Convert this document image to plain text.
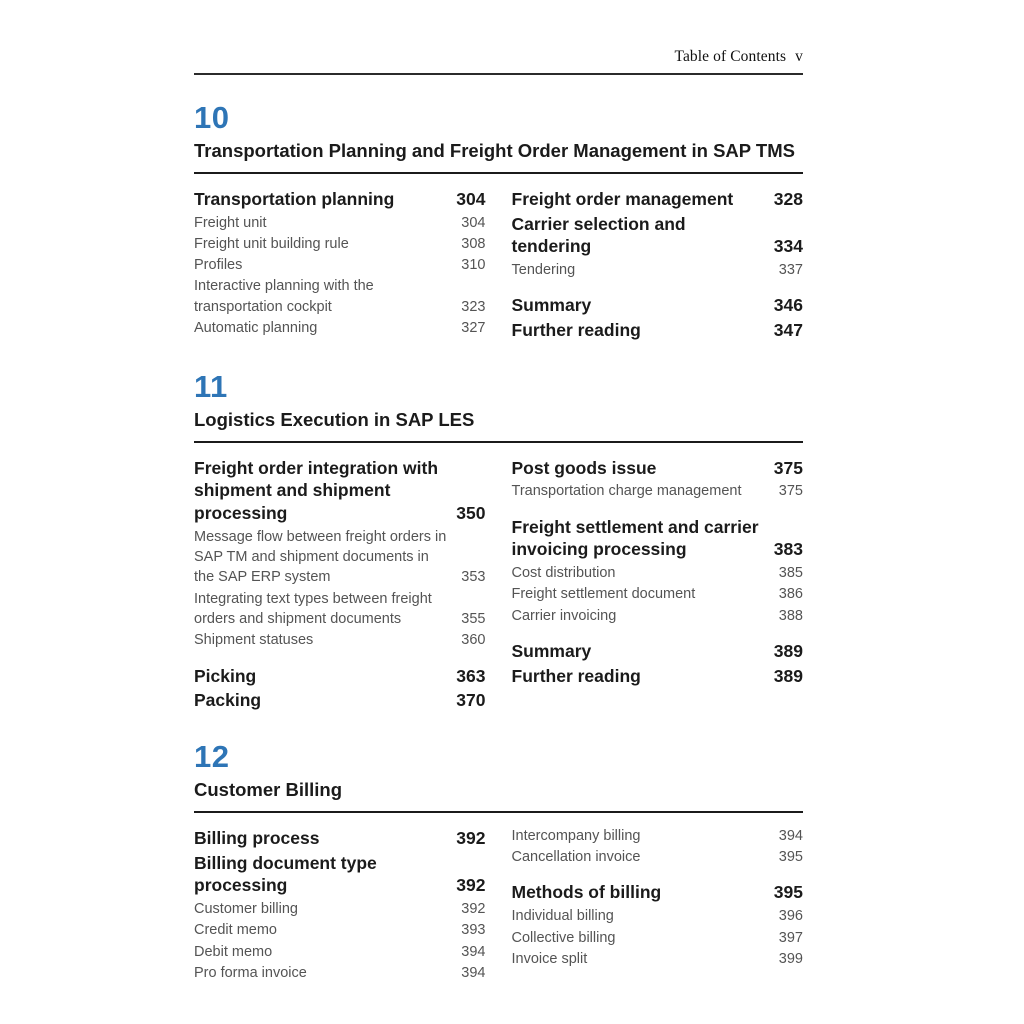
Table of Contents v
10
Transportation Planning and Freight Order Management in SAP TMS
Transportation planning	304
Freight unit	304
Freight unit building rule	308
Profiles	310
Interactive planning with the transportation cockpit	323
Automatic planning	327
Freight order management	328
Carrier selection and tendering	334
Tendering	337
Summary	346
Further reading	347
11
Logistics Execution in SAP LES
Freight order integration with shipment and shipment processing	350
Message flow between freight orders in SAP TM and shipment documents in the SAP ERP system	353
Integrating text types between freight orders and shipment documents	355
Shipment statuses	360
Picking	363
Packing	370
Post goods issue	375
Transportation charge management	375
Freight settlement and carrier invoicing processing	383
Cost distribution	385
Freight settlement document	386
Carrier invoicing	388
Summary	389
Further reading	389
12
Customer Billing
Billing process	392
Billing document type processing	392
Customer billing	392
Credit memo	393
Debit memo	394
Pro forma invoice	394
Intercompany billing	394
Cancellation invoice	395
Methods of billing	395
Individual billing	396
Collective billing	397
Invoice split	399
